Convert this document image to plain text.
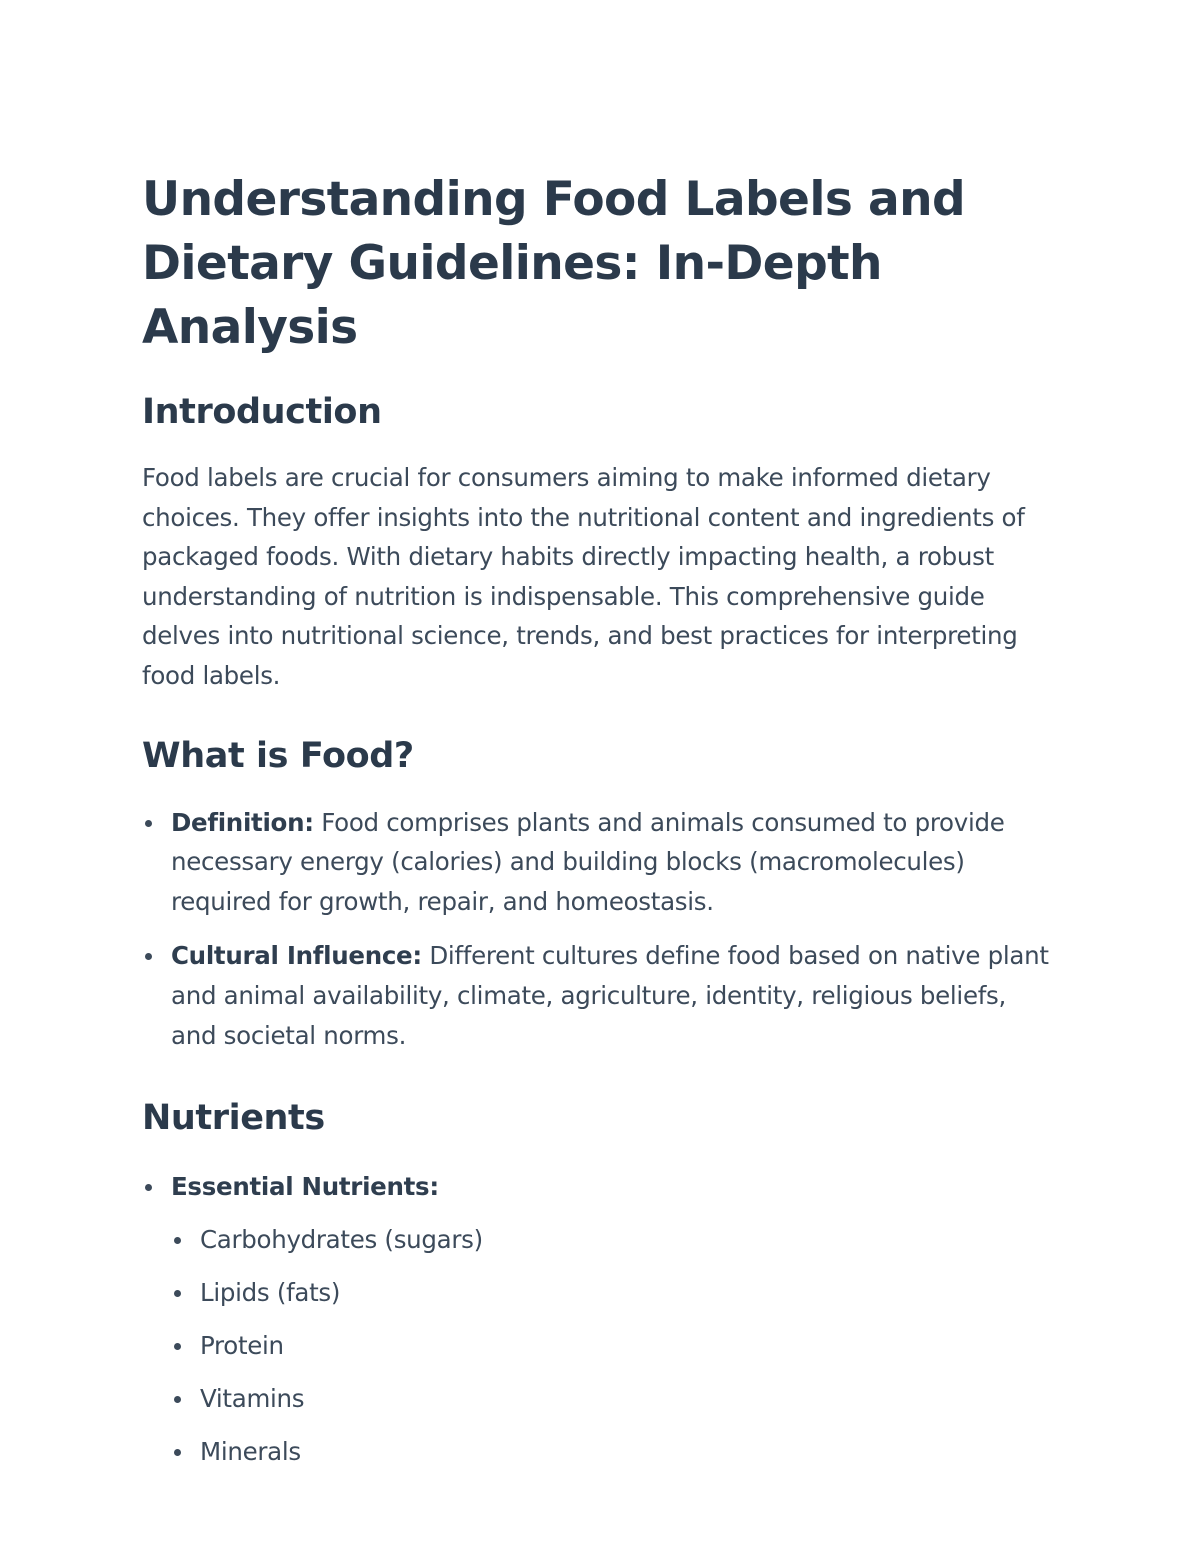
Understanding Food Labels and Dietary Guidelines: In-Depth Analysis
Introduction

Food labels are crucial for consumers aiming to make informed dietary choices. They offer insights into the nutritional content and ingredients of packaged foods. With dietary habits directly impacting health, a robust understanding of nutrition is indispensable. This comprehensive guide delves into nutritional science, trends, and best practices for interpreting food labels.

What is Food?
Definition: Food comprises plants and animals consumed to provide necessary energy (calories) and building blocks (macromolecules) required for growth, repair, and homeostasis.
Cultural Influence: Different cultures define food based on native plant and animal availability, climate, agriculture, identity, religious beliefs, and societal norms.
Nutrients
Essential Nutrients:
Carbohydrates (sugars)
Lipids (fats)
Protein
Vitamins
Minerals
